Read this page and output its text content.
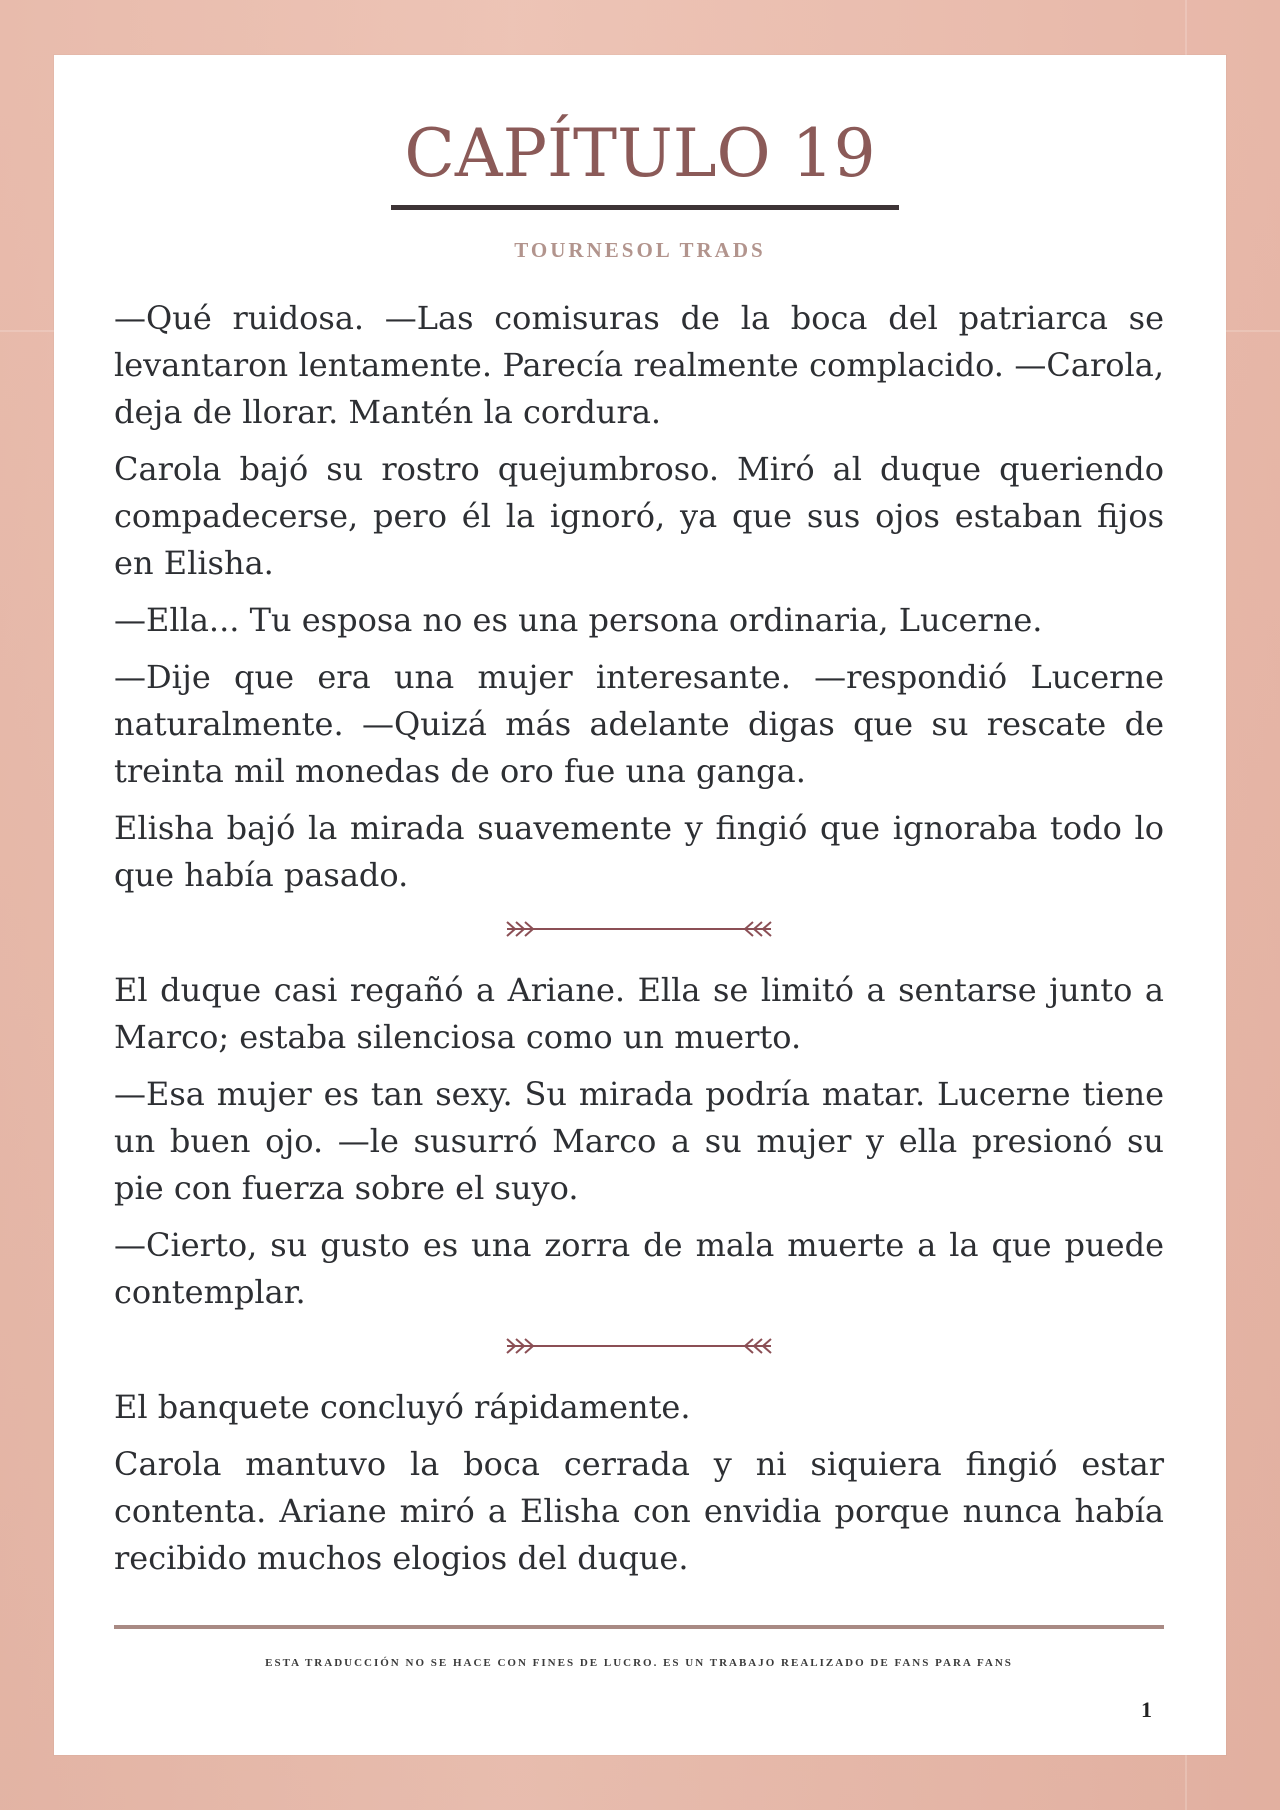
CAPÍTULO 19
TOURNESOL TRADS

—Qué ruidosa. —Las comisuras de la boca del patriarca se levantaron lentamente. Parecía realmente complacido. —Carola, deja de llorar. Mantén la cordura.

Carola bajó su rostro quejumbroso. Miró al duque queriendo compadecerse, pero él la ignoró, ya que sus ojos estaban fijos en Elisha.

—Ella... Tu esposa no es una persona ordinaria, Lucerne.

—Dije que era una mujer interesante. —respondió Lucerne naturalmente. —Quizá más adelante digas que su rescate de treinta mil monedas de oro fue una ganga.

Elisha bajó la mirada suavemente y fingió que ignoraba todo lo que había pasado.

El duque casi regañó a Ariane. Ella se limitó a sentarse junto a Marco; estaba silenciosa como un muerto.

—Esa mujer es tan sexy. Su mirada podría matar. Lucerne tiene un buen ojo. —le susurró Marco a su mujer y ella presionó su pie con fuerza sobre el suyo.

—Cierto, su gusto es una zorra de mala muerte a la que puede contemplar.

El banquete concluyó rápidamente.

Carola mantuvo la boca cerrada y ni siquiera fingió estar contenta. Ariane miró a Elisha con envidia porque nunca había recibido muchos elogios del duque.

ESTA TRADUCCIÓN NO SE HACE CON FINES DE LUCRO. ES UN TRABAJO REALIZADO DE FANS PARA FANS
1
